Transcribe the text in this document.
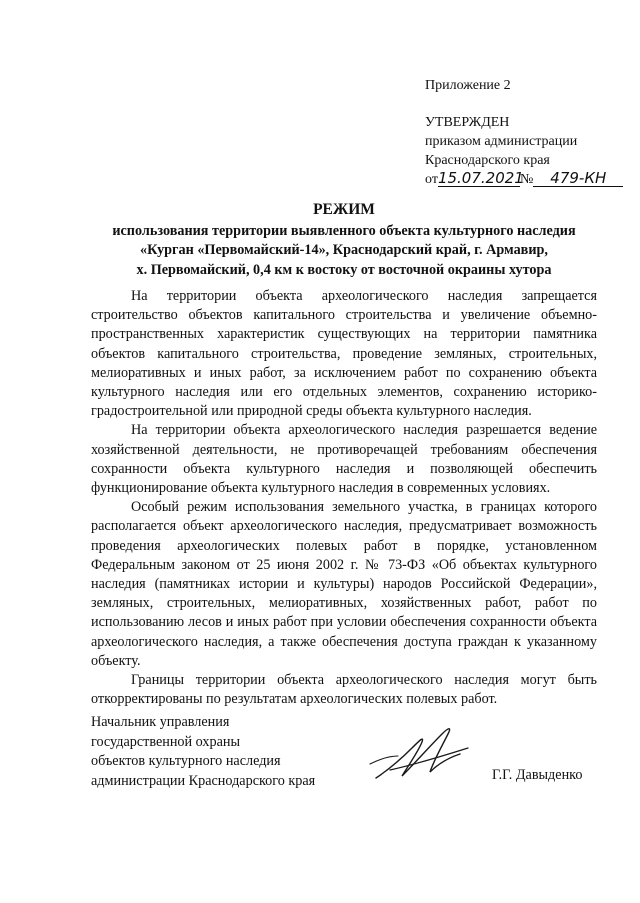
Приложение 2
УТВЕРЖДЕН
приказом администрации
Краснодарского края
от15.07.2021№ 479-КН
РЕЖИМ
использования территории выявленного объекта культурного наследия
«Курган «Первомайский-14», Краснодарский край, г. Армавир,
х. Первомайский, 0,4 км к востоку от восточной окраины хутора

На территории объекта археологического наследия запрещается строительство объектов капитального строительства и увеличение объемно-пространственных характеристик существующих на территории памятника объектов капитального строительства, проведение земляных, строительных, мелиоративных и иных работ, за исключением работ по сохранению объекта культурного наследия или его отдельных элементов, сохранению историко-градостроительной или природной среды объекта культурного наследия.

На территории объекта археологического наследия разрешается ведение хозяйственной деятельности, не противоречащей требованиям обеспечения сохранности объекта культурного наследия и позволяющей обеспечить функционирование объекта культурного наследия в современных условиях.

Особый режим использования земельного участка, в границах которого располагается объект археологического наследия, предусматривает возможность проведения археологических полевых работ в порядке, установленном Федеральным законом от 25 июня 2002 г. № 73-ФЗ «Об объектах культурного наследия (памятниках истории и культуры) народов Российской Федерации», земляных, строительных, мелиоративных, хозяйственных работ, работ по использованию лесов и иных работ при условии обеспечения сохранности объекта археологического наследия, а также обеспечения доступа граждан к указанному объекту.

Границы территории объекта археологического наследия могут быть откорректированы по результатам археологических полевых работ.

Начальник управления
государственной охраны
объектов культурного наследия
администрации Краснодарского края	Г.Г. Давыденко
